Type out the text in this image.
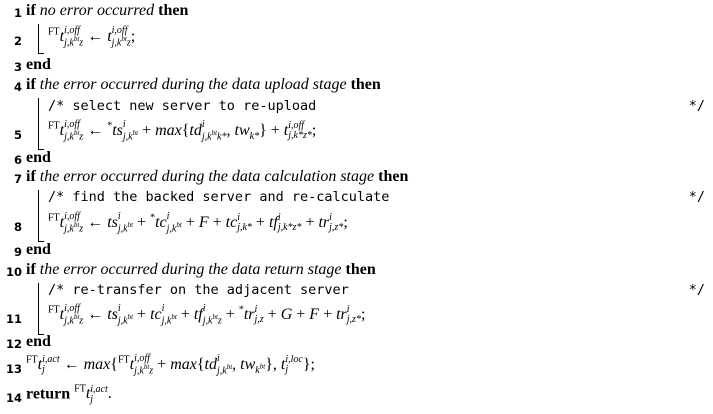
1 if no error occurred then
2
$^{FT}$t i,off
$j,k^{bt}z$ ← t i,off
$j,k^{bt}z$ ;
3 end
4 if the error occurred during the data upload stage then
/* select new server to re-upload	*/
5
$^{FT}$t i,off
$j,k^{bt}z$ ← *ts i
$j,k^{bt} + \max\{td$ i
$j,k^{bt}k*$ , $tw_{k*}\} + t$ i,off
j,k*z* ;
6 end
7 if the error occurred during the data calculation stage then
/* find the backed server and re-calculate	*/
8
$^{FT}$t i,off
$j,k^{bt}z$ ← ts i
$j,k^{bt} + ^*tc$ i
$j,k^{bt} + F$ + tc i
j,k* + tf i
j,k*z* + tr i
j,z* ;
9 end
10 if the error occurred during the data return stage then
/* re-transfer on the adjacent server	*/
11
$^{FT}$t i,off
$j,k^{bt}z$ ← ts i
$j,k^{bt}$ + tc i
$j,k^{bt}$ + tf i
$j,k^{bt}z + ^*tr$ i
j,z + G + F + tr i
j,z* ;
12 end
13
$^{FT}$t i,act
j ← max{$^{FT}$t i,off
$j,k^{bt}z + \max\{td$ i
$j,k^{bt}$ , $tw_{k^{bt}}$}, t i,loc
j };
14 return $^{FT}$t i,act
j .
